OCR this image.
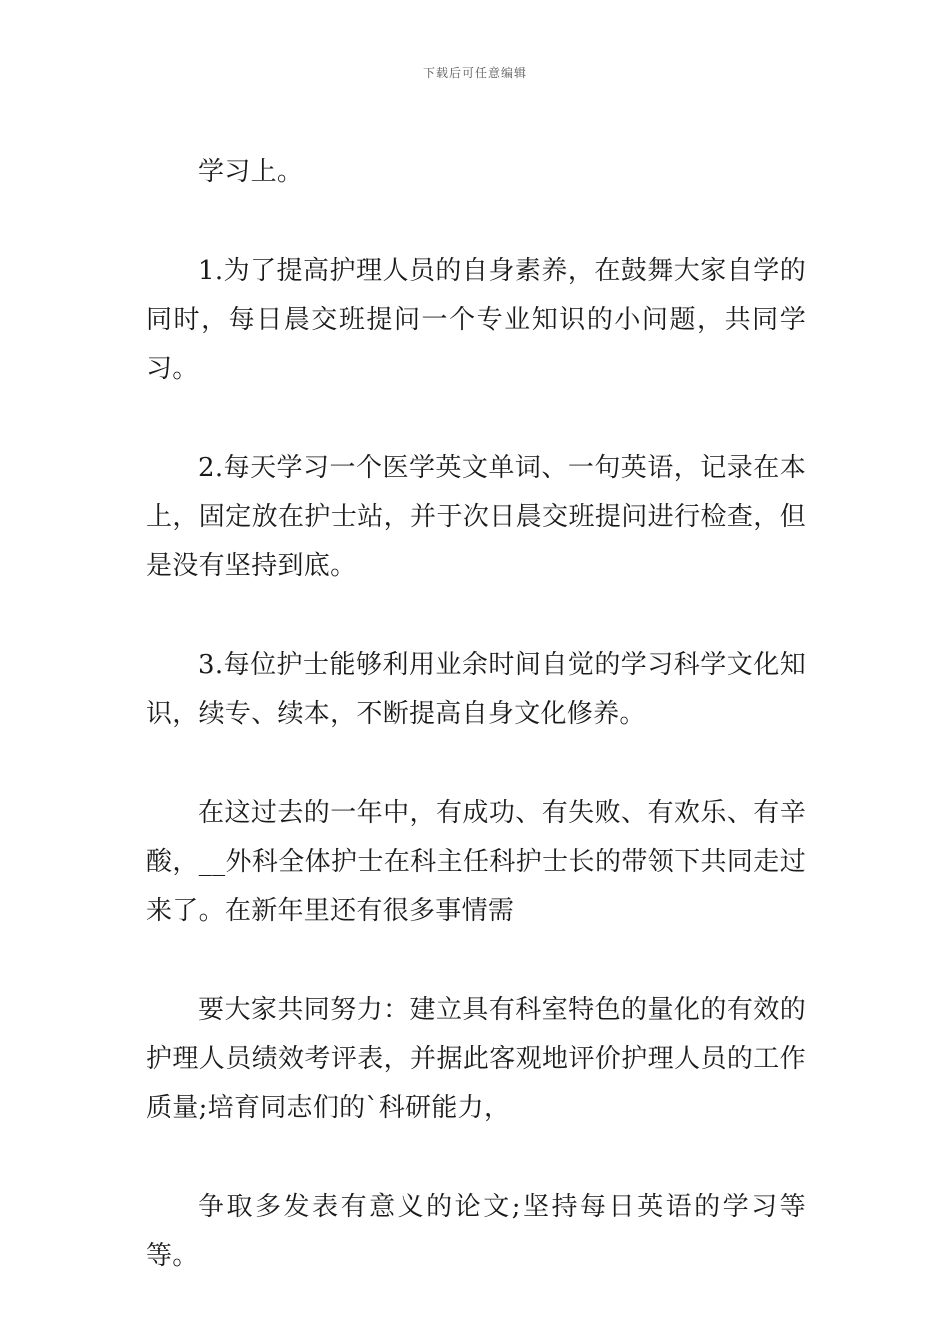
下载后可任意编辑

学习上。

1.为了提高护理人员的自身素养，在鼓舞大家自学的同时，每日晨交班提问一个专业知识的小问题，共同学习。

2.每天学习一个医学英文单词、一句英语，记录在本上，固定放在护士站，并于次日晨交班提问进行检查，但是没有坚持到底。

3.每位护士能够利用业余时间自觉的学习科学文化知识，续专、续本，不断提高自身文化修养。

在这过去的一年中，有成功、有失败、有欢乐、有辛酸，__外科全体护士在科主任科护士长的带领下共同走过来了。在新年里还有很多事情需

要大家共同努力：建立具有科室特色的量化的有效的护理人员绩效考评表，并据此客观地评价护理人员的工作质量;培育同志们的`科研能力，

争取多发表有意义的论文;坚持每日英语的学习等等。
